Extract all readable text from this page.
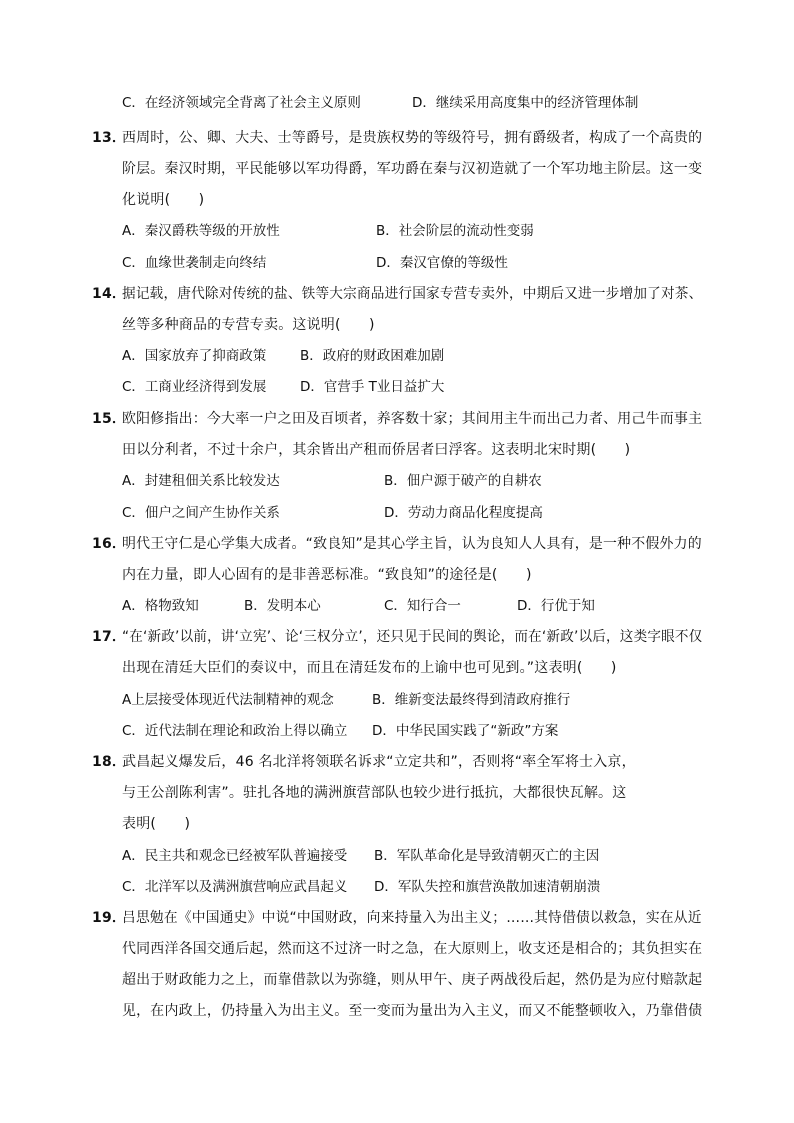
C．在经济领域完全背离了社会主义原则	D．继续采用高度集中的经济管理体制
13．
西周时，公、卿、大夫、士等爵号，是贵族权势的等级符号，拥有爵级者，构成了一个高贵的
阶层。秦汉时期，平民能够以军功得爵，军功爵在秦与汉初造就了一个军功地主阶层。这一变
化说明(　　)
A．秦汉爵秩等级的开放性	B．社会阶层的流动性变弱
C．血缘世袭制走向终结	D．秦汉官僚的等级性
14．
据记载，唐代除对传统的盐、铁等大宗商品进行国家专营专卖外，中期后又进一步增加了对茶、
丝等多种商品的专营专卖。这说明(　　)
A．国家放弃了抑商政策	B．政府的财政困难加剧
C．工商业经济得到发展 D．官营手 T业日益扩大
15．
欧阳修指出：今大率一户之田及百顷者，养客数十家；其间用主牛而出己力者、用己牛而事主
田以分利者，不过十余户，其余皆出产租而侨居者曰浮客。这表明北宋时期(　　)
A．封建租佃关系比较发达	B．佃户源于破产的自耕农
C．佃户之间产生协作关系	D．劳动力商品化程度提高
16．
明代王守仁是心学集大成者。“致良知”是其心学主旨，认为良知人人具有，是一种不假外力的
内在力量，即人心固有的是非善恶标准。“致良知”的途径是(　　)
A．格物致知	B．发明本心	C．知行合一	D．行优于知
17．
“在‘新政’以前，讲‘立宪’、论‘三权分立’，还只见于民间的舆论，而在‘新政’以后，这类字眼不仅
出现在清廷大臣们的奏议中，而且在清廷发布的上谕中也可见到。”这表明(　　)
A上层接受体现近代法制精神的观念	B．维新变法最终得到清政府推行
C．近代法制在理论和政治上得以确立 D．中华民国实践了“新政”方案
18．
武昌起义爆发后，46 名北洋将领联名诉求“立定共和”，否则将“率全军将士入京，
与王公剖陈利害”。驻扎各地的满洲旗营部队也较少进行抵抗，大都很快瓦解。这
表明(　　)
A．民主共和观念已经被军队普遍接受 B．军队革命化是导致清朝灭亡的主因
C．北洋军以及满洲旗营响应武昌起义 D．军队失控和旗营涣散加速清朝崩溃
19．
吕思勉在《中国通史》中说“中国财政，向来持量入为出主义；……其恃借债以救急，实在从近
代同西洋各国交通后起，然而这不过济一时之急，在大原则上，收支还是相合的；其负担实在
超出于财政能力之上，而靠借款以为弥缝，则从甲午、庚子两战役后起，然仍是为应付赔款起
见，在内政上，仍持量入为出主义。至一变而为量出为入主义，而又不能整顿收入，乃靠借债
